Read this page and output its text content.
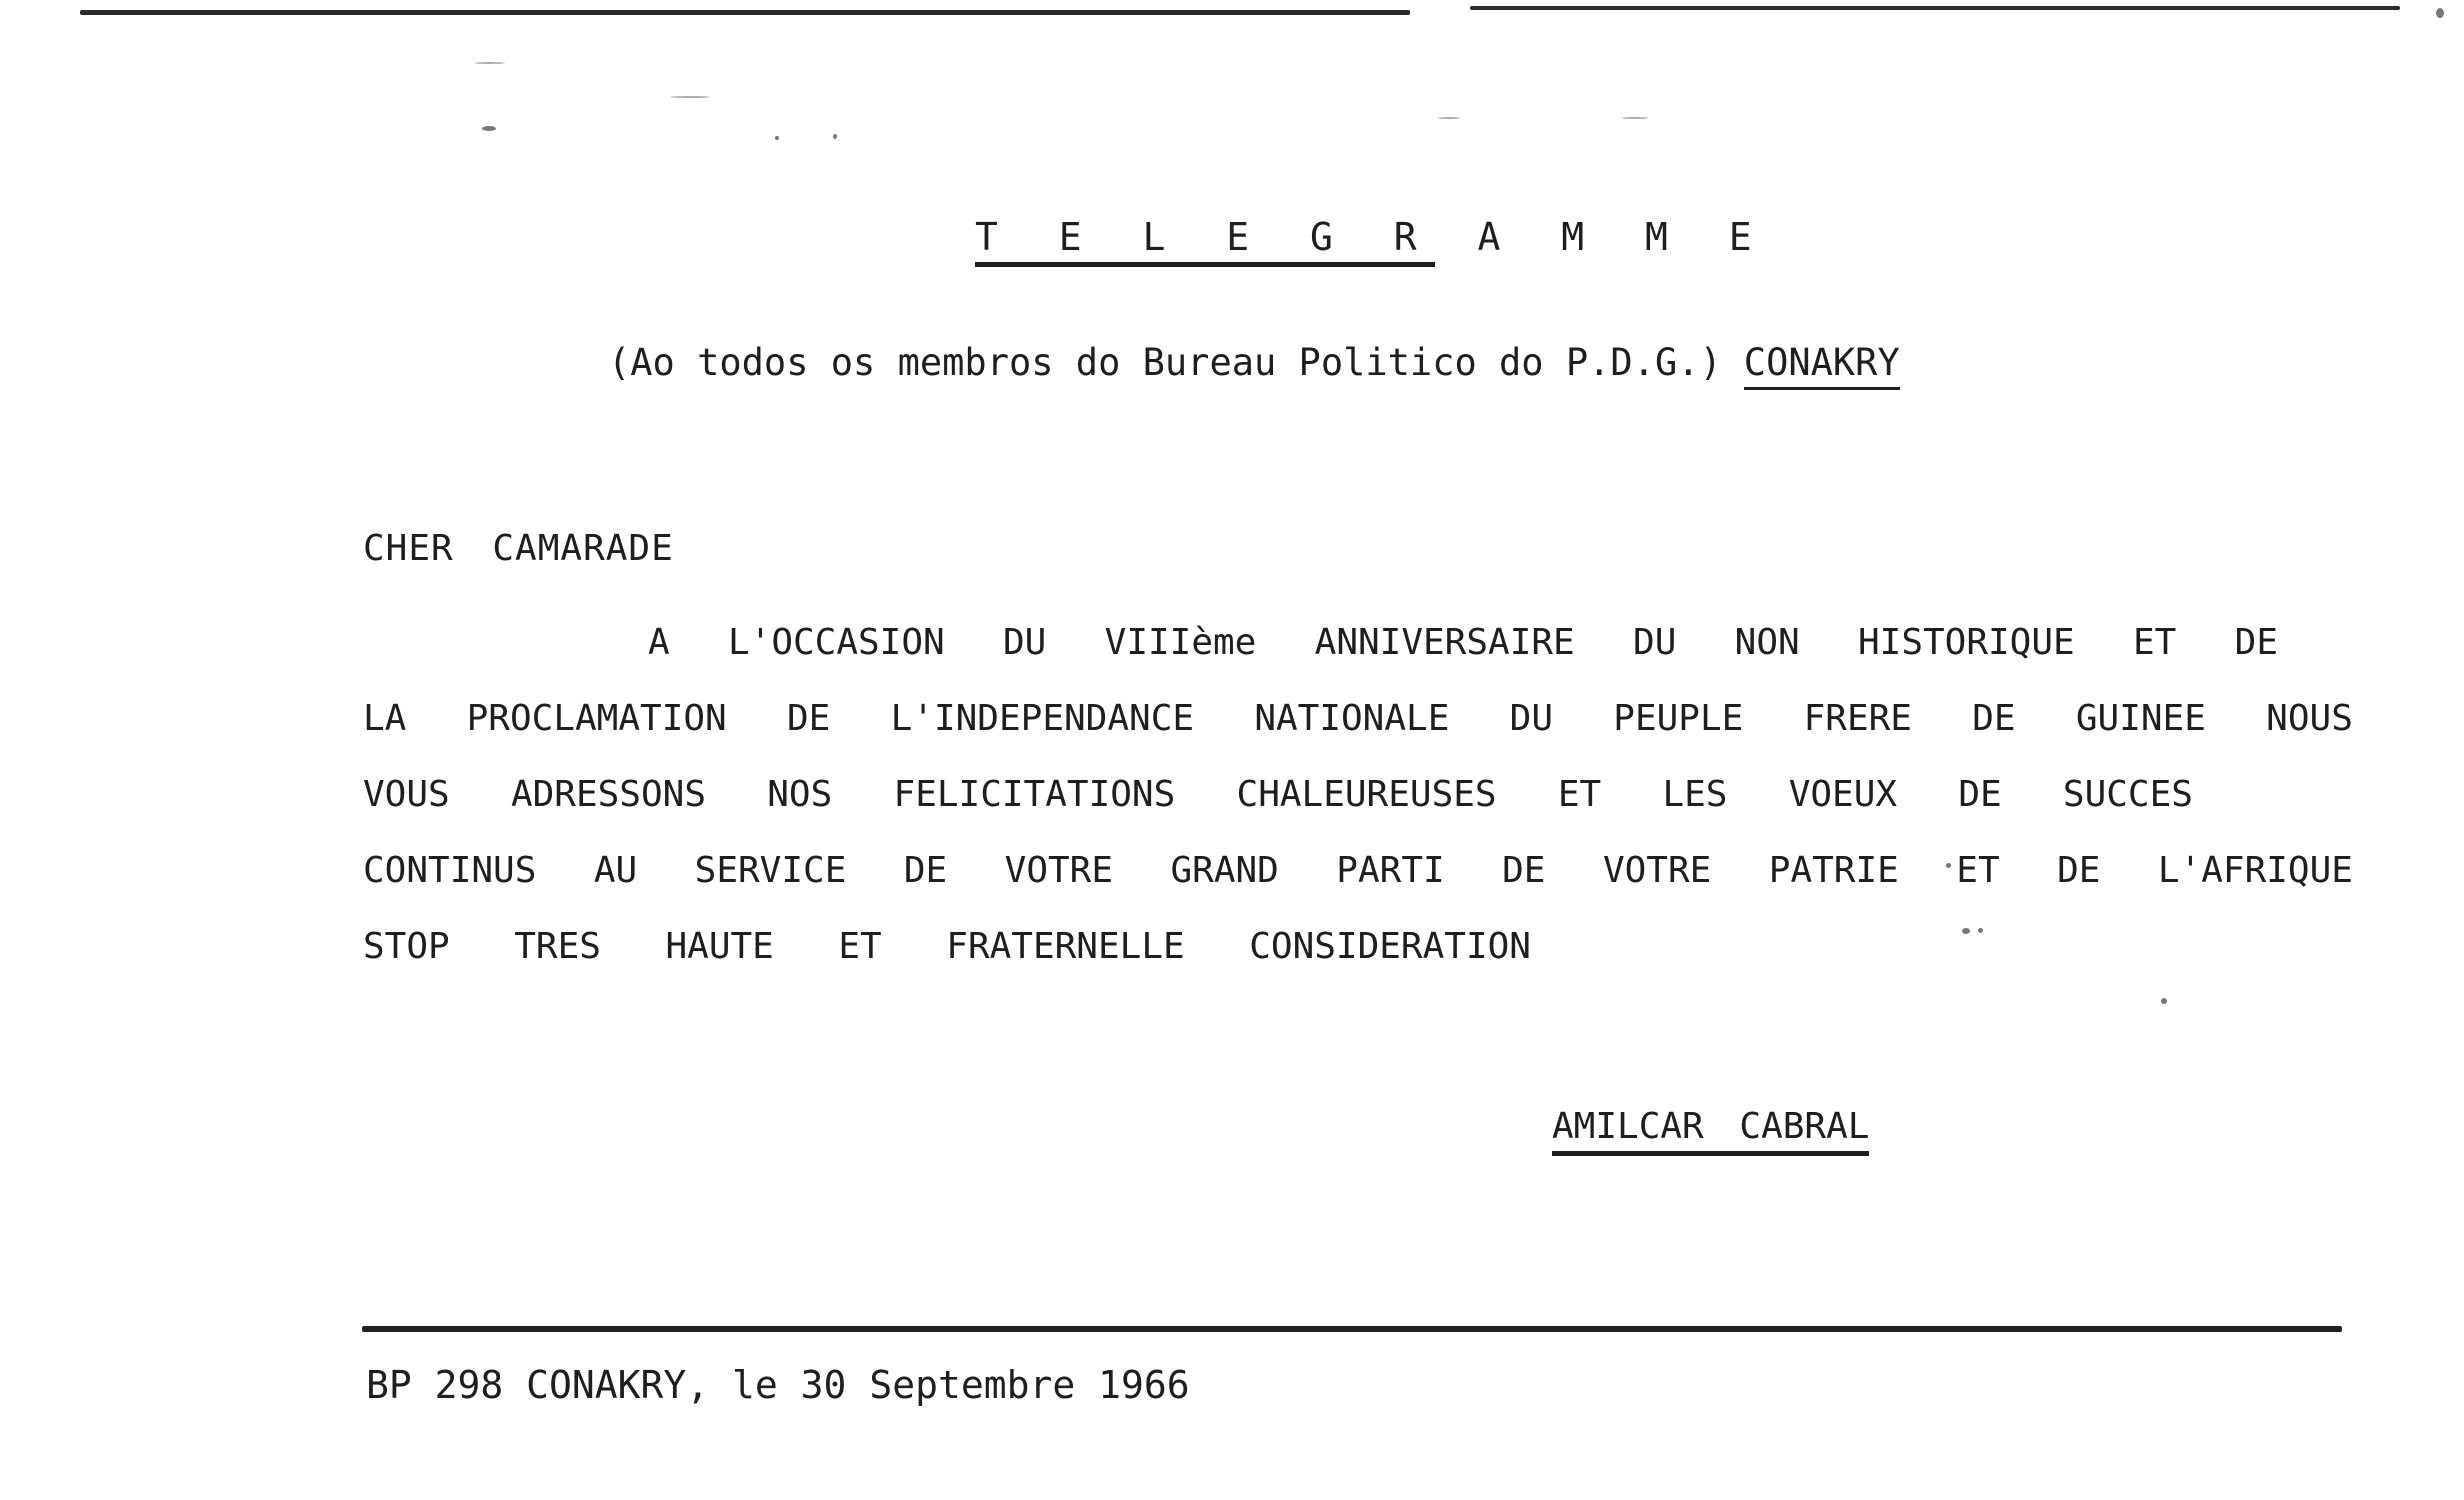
T E L E G R A M M E
(Ao todos os membros do Bureau Politico do P.D.G.) CONAKRY
CHER CAMARADE
A L'OCCASION DU VIIIème ANNIVERSAIRE DU NON HISTORIQUE ET DE
LA PROCLAMATION DE L'INDEPENDANCE NATIONALE DU PEUPLE FRERE DE GUINEE NOUS
VOUS ADRESSONS NOS FELICITATIONS CHALEUREUSES ET LES VOEUX DE SUCCES
CONTINUS AU SERVICE DE VOTRE GRAND PARTI DE VOTRE PATRIE ET DE L'AFRIQUE
STOP TRES HAUTE ET FRATERNELLE CONSIDERATION
AMILCAR CABRAL
BP 298 CONAKRY, le 30 Septembre 1966
